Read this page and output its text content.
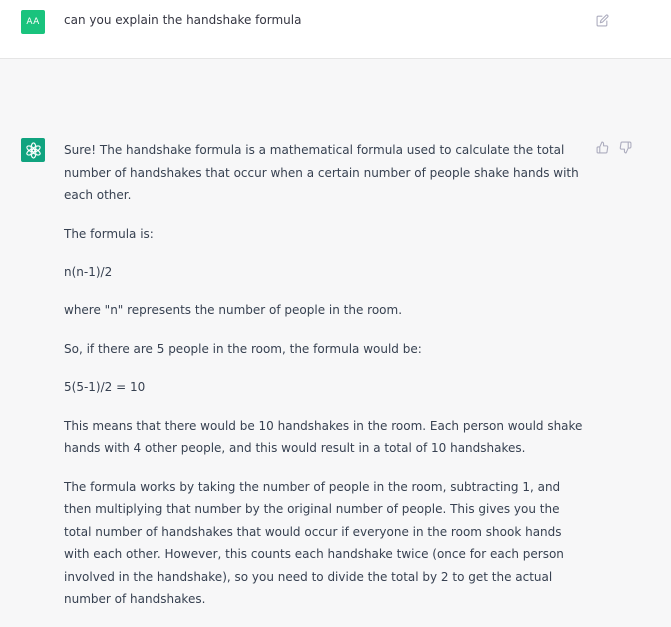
AA can you explain the handshake formula

Sure! The handshake formula is a mathematical formula used to calculate the total number of handshakes that occur when a certain number of people shake hands with each other.

The formula is:

n(n-1)/2

where "n" represents the number of people in the room.

So, if there are 5 people in the room, the formula would be:

5(5-1)/2 = 10

This means that there would be 10 handshakes in the room. Each person would shake hands with 4 other people, and this would result in a total of 10 handshakes.

The formula works by taking the number of people in the room, subtracting 1, and then multiplying that number by the original number of people. This gives you the total number of handshakes that would occur if everyone in the room shook hands with each other. However, this counts each handshake twice (once for each person involved in the handshake), so you need to divide the total by 2 to get the actual number of handshakes.
